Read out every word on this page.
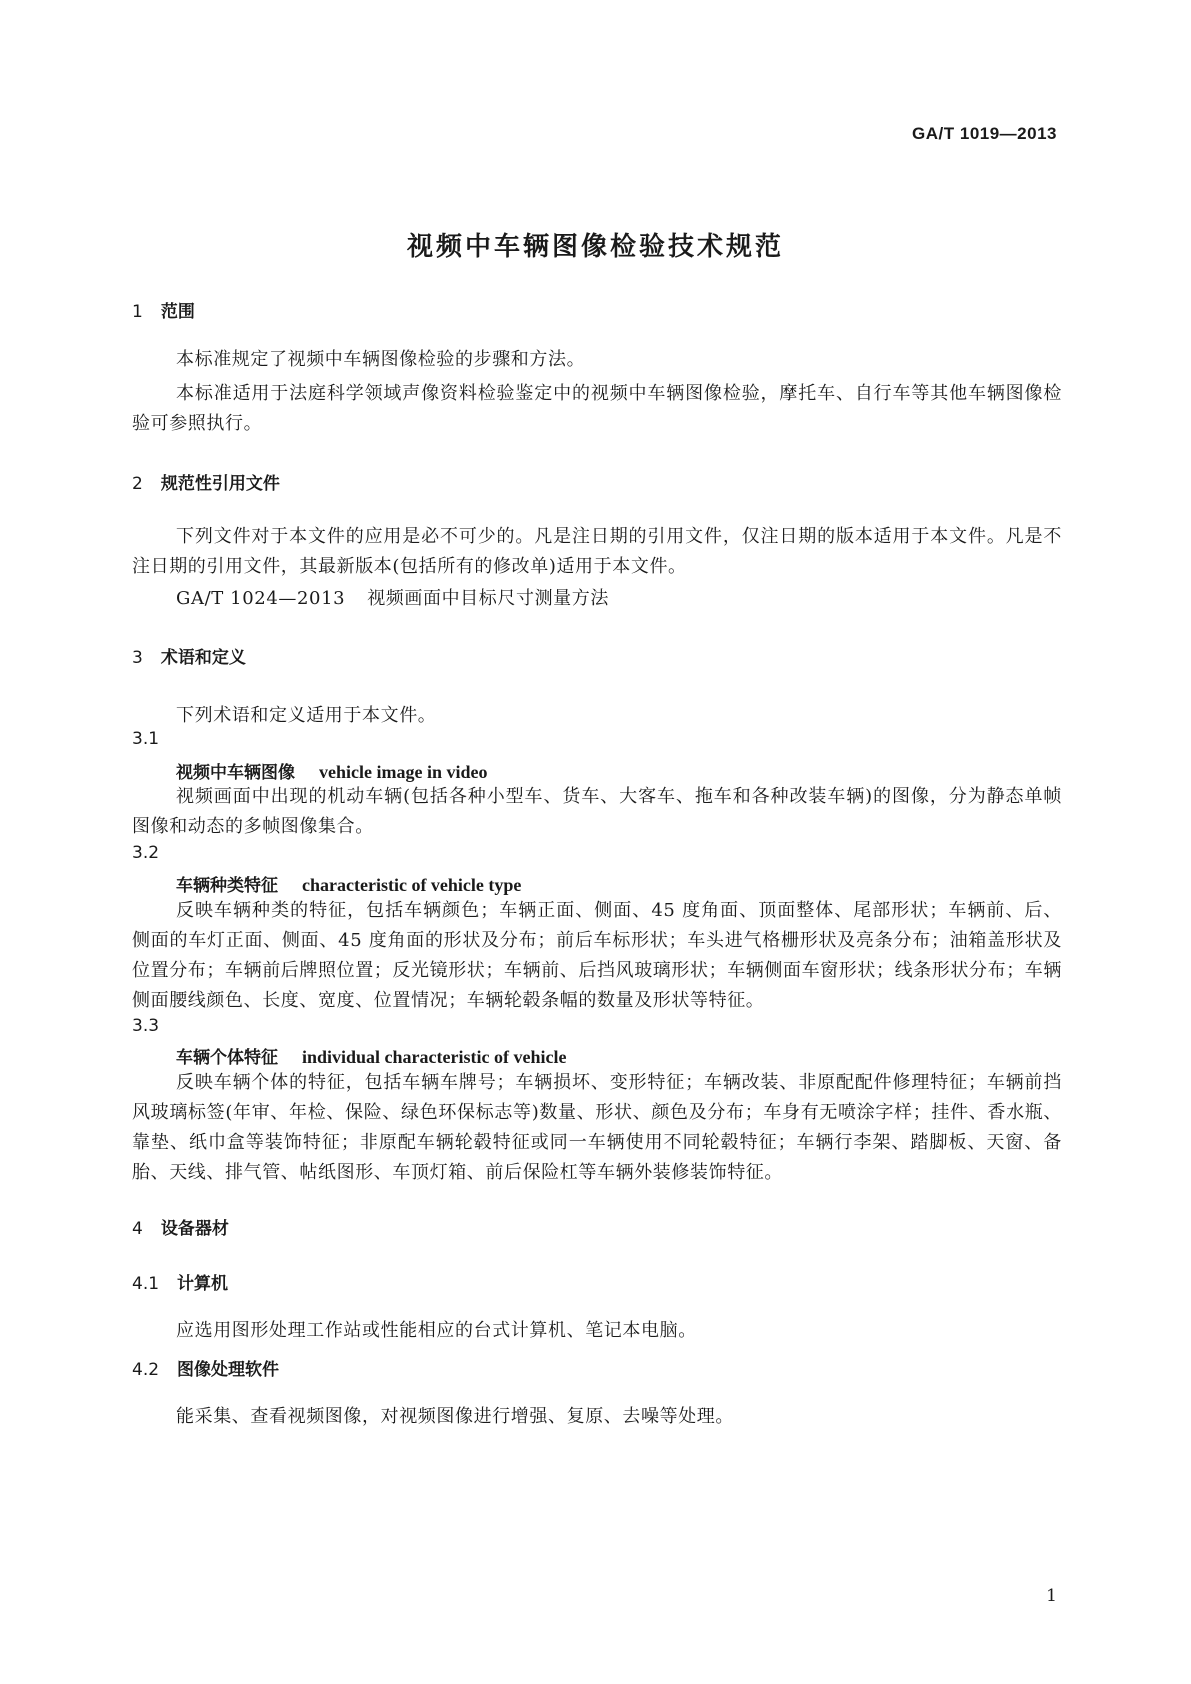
GA/T 1019—2013
视频中车辆图像检验技术规范
1 范围
本标准规定了视频中车辆图像检验的步骤和方法。
本标准适用于法庭科学领域声像资料检验鉴定中的视频中车辆图像检验，摩托车、自行车等其他车辆图像检验可参照执行。
2 规范性引用文件
下列文件对于本文件的应用是必不可少的。凡是注日期的引用文件，仅注日期的版本适用于本文件。凡是不注日期的引用文件，其最新版本(包括所有的修改单)适用于本文件。
GA/T 1024—2013 视频画面中目标尺寸测量方法
3 术语和定义
下列术语和定义适用于本文件。
3.1
视频中车辆图像 vehicle image in video
视频画面中出现的机动车辆(包括各种小型车、货车、大客车、拖车和各种改装车辆)的图像，分为静态单帧图像和动态的多帧图像集合。
3.2
车辆种类特征 characteristic of vehicle type
反映车辆种类的特征，包括车辆颜色；车辆正面、侧面、45 度角面、顶面整体、尾部形状；车辆前、后、侧面的车灯正面、侧面、45 度角面的形状及分布；前后车标形状；车头进气格栅形状及亮条分布；油箱盖形状及位置分布；车辆前后牌照位置；反光镜形状；车辆前、后挡风玻璃形状；车辆侧面车窗形状；线条形状分布；车辆侧面腰线颜色、长度、宽度、位置情况；车辆轮毂条幅的数量及形状等特征。
3.3
车辆个体特征 individual characteristic of vehicle
反映车辆个体的特征，包括车辆车牌号；车辆损坏、变形特征；车辆改装、非原配配件修理特征；车辆前挡风玻璃标签(年审、年检、保险、绿色环保标志等)数量、形状、颜色及分布；车身有无喷涂字样；挂件、香水瓶、靠垫、纸巾盒等装饰特征；非原配车辆轮毂特征或同一车辆使用不同轮毂特征；车辆行李架、踏脚板、天窗、备胎、天线、排气管、帖纸图形、车顶灯箱、前后保险杠等车辆外装修装饰特征。
4 设备器材
4.1 计算机
应选用图形处理工作站或性能相应的台式计算机、笔记本电脑。
4.2 图像处理软件
能采集、查看视频图像，对视频图像进行增强、复原、去噪等处理。
1
